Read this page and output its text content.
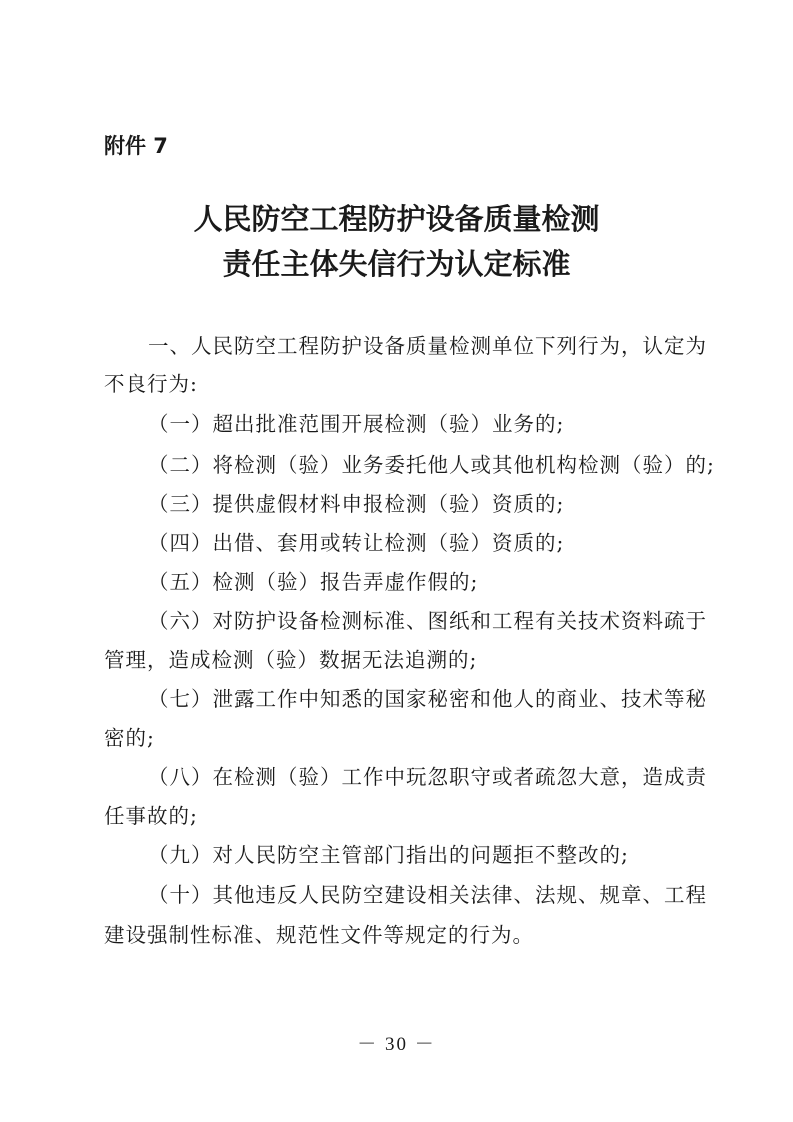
附件 7
人民防空工程防护设备质量检测
责任主体失信行为认定标准
一、人民防空工程防护设备质量检测单位下列行为，认定为
不良行为:
（一）超出批准范围开展检测（验）业务的;
（二）将检测（验）业务委托他人或其他机构检测（验）的;
（三）提供虚假材料申报检测（验）资质的;
（四）出借、套用或转让检测（验）资质的;
（五）检测（验）报告弄虚作假的;
（六）对防护设备检测标准、图纸和工程有关技术资料疏于
管理，造成检测（验）数据无法追溯的;
（七）泄露工作中知悉的国家秘密和他人的商业、技术等秘
密的;
（八）在检测（验）工作中玩忽职守或者疏忽大意，造成责
任事故的;
（九）对人民防空主管部门指出的问题拒不整改的;
（十）其他违反人民防空建设相关法律、法规、规章、工程
建设强制性标准、规范性文件等规定的行为。
－ 30 －
